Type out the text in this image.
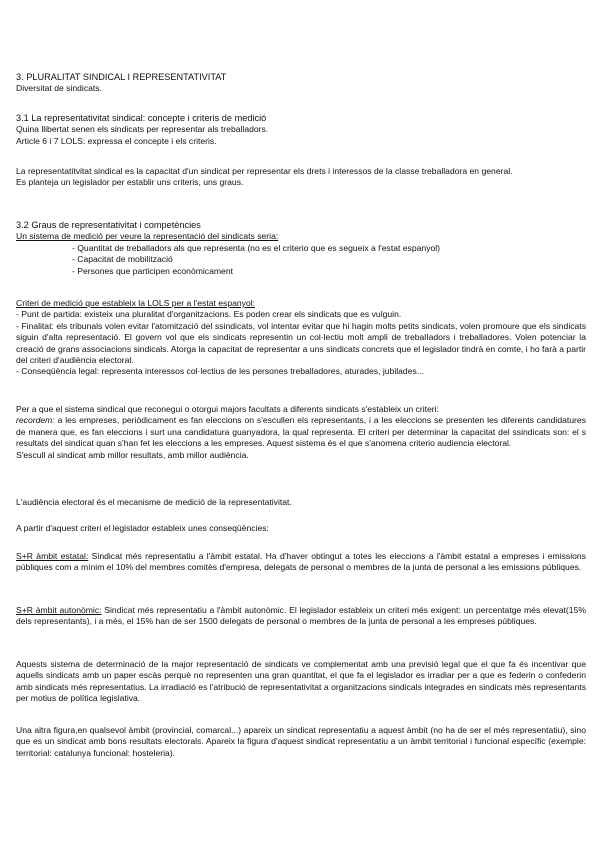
3. PLURALITAT SINDICAL I REPRESENTATIVITAT
Diversitat de sindicats.
3.1 La representativitat sindical: concepte i criteris de medició
Quina llibertat senen els sindicats per representar als treballadors.
Article 6 i 7 LOLS: expressa el concepte i els criteris.

La representatitvitat sindical es la capacitat d'un sindicat per representar els drets i interessos de la classe treballadora en general.

Es planteja un legislador per establir uns criteris, uns graus.
3.2 Graus de representativitat i competències
Un sistema de medició per veure la representació del sindicats seria:
- Quantitat de treballadors als que representa (no es el criterio que es segueix a l'estat espanyol)
- Capacitat de mobilització
- Persones que participen econòmicament
Criteri de medició que estableix la LOLS per a l'estat espanyol:
- Punt de partida: existeix una pluralitat d'organitzacions. Es poden crear els sindicats que es vulguin.

- Finalitat: els tribunals volen evitar l'atomització del ssindicats, vol intentar evitar que hi hagin molts petits sindicats, volen promoure que els sindicats siguin d'alta representació. El govern vol que els sindicats representin un col·lectiu molt ampli de trebalIadors i treballadores. Volen potenciar la creació de grans associacions sindicals. Atorga la capacitat de representar a uns sindicats concrets que el legislador tindrà en comte, i ho farà a partir del criteri d'audiència electoral.

- Conseqüència legal: representa interessos col·lectius de les persones treballadores, aturades, jubilades...
Per a que el sistema sindical que reconegui o otorgui majors facultats a diferents sindicats s'estableix un criteri:

recordem: a les empreses, periòdicament es fan eleccions on s'escullen els representants, i a les eleccions se presenten les diferents candidatures de manera que, es fan eleccions i surt una candidatura guanyadora, la qual representa. El criteri per determinar la capacitat del ssindicats son: el s resultats del sindicat quan s'han fet les eleccions a les empreses. Aquest sistema és el que s'anomena criterio audiencia electoral.

S'escull al sindicat amb millor resultats, amb millor audiència.
L'audiència electoral és el mecanisme de medició de la representativitat.
A partir d'aquest criteri el legislador estableix unes conseqüències:

S+R àmbit estatal: Sindicat més representatiu a l'àmbit estatal. Ha d'haver obtingut a totes les eleccions a l'àmbit estatal a empreses i emissions públiques com a mínim el 10% del membres comitès d'empresa, delegats de personal o membres de la junta de personal a les emissions públiques.

S+R àmbit autonòmic: Sindicat més representatiu a l'àmbit autonòmic. El legislador estableix un criteri més exigent: un percentatge més elevat(15% dels representants), i a més, el 15% han de ser 1500 delegats de personal o membres de la junta de personal a les empreses públiques.

Aquests sistema de determinació de la major representació de sindicats ve complementat amb una previsió legal que el que fa és incentivar que aquells sindicats amb un paper escàs perquè no representen una gran quantitat, el que fa el legislador es irradiar per a que es federin o confederin amb sindicats més representatius. La irradiació es l'atribució de representativitat a organitzacions sindicals integrades en sindicats més representants per motius de política legislativa.

Una altra figura,en qualsevol àmbit (provincial, comarcal...) apareix un sindicat representatiu a aquest àmbit (no ha de ser el més representatiu), sino que es un sindicat amb bons resultats electorals. Apareix la figura d'aquest sindicat representatiu a un àmbit territorial i funcional específic (exemple: territorial: catalunya funcional: hosteleria).
